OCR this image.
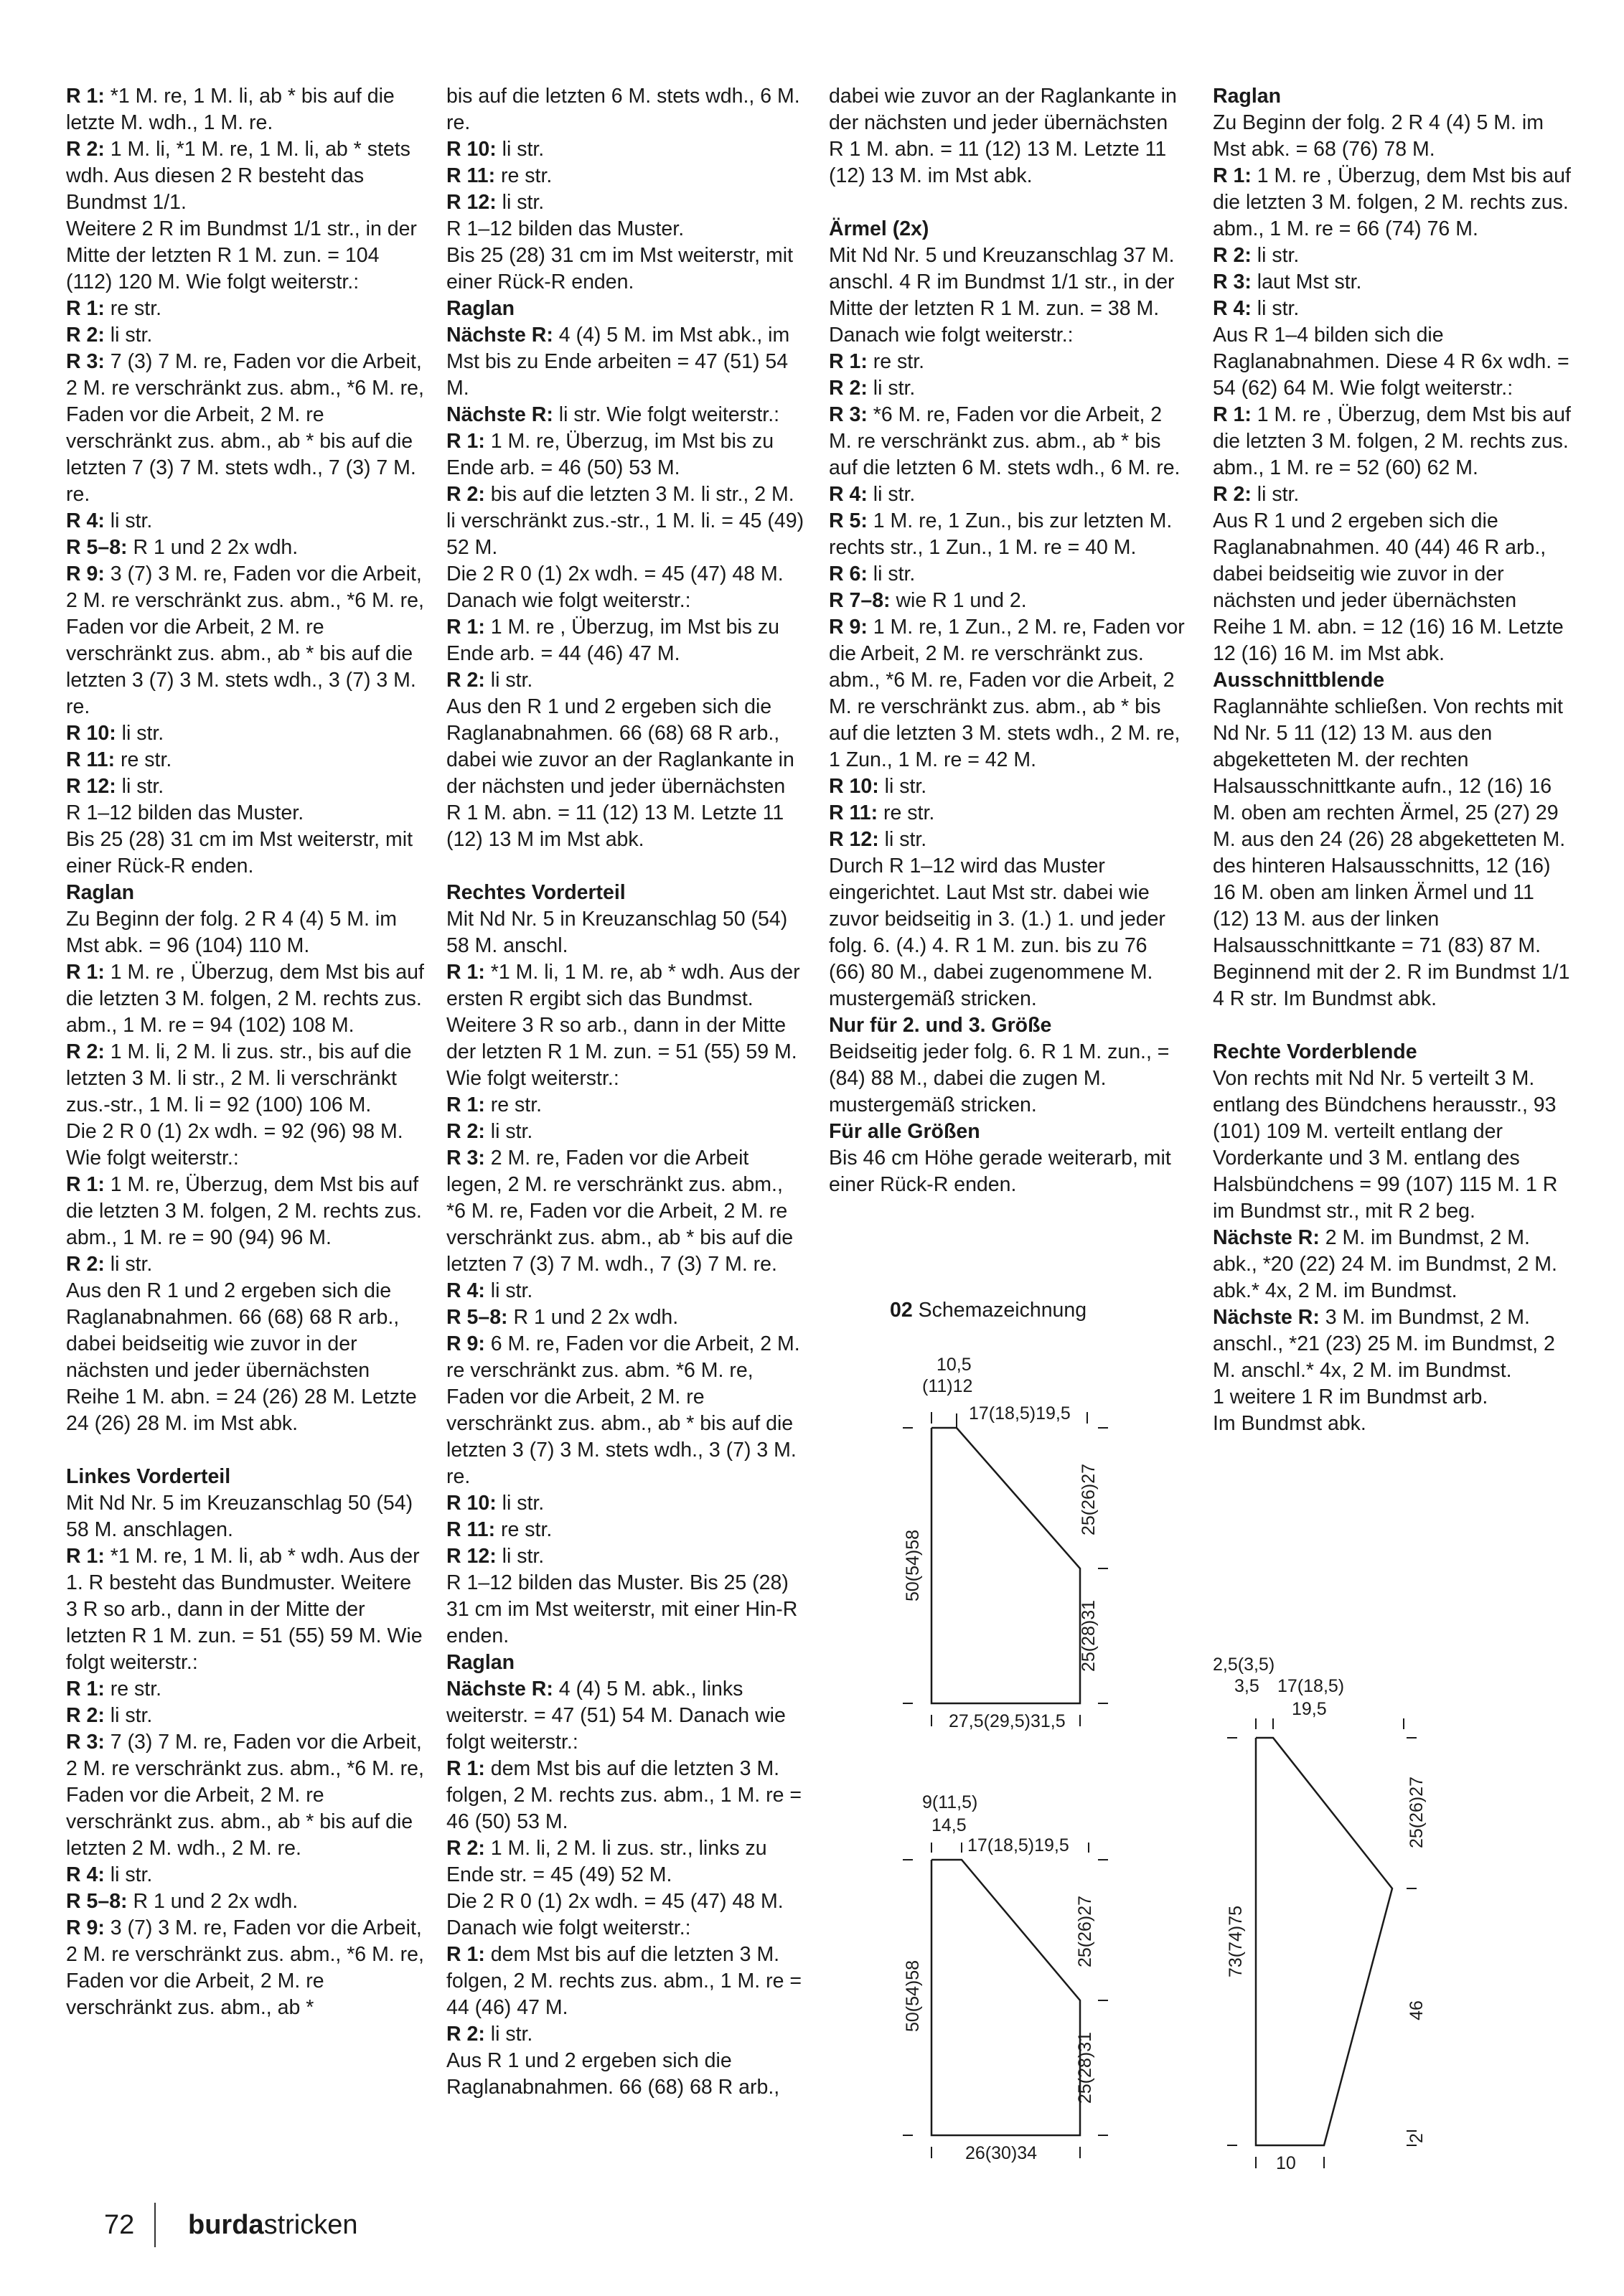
R 1: *1 M. re, 1 M. li, ab * bis auf die letzte M. wdh., 1 M. re.

R 2: 1 M. li, *1 M. re, 1 M. li, ab * stets wdh. Aus diesen 2 R besteht das Bundmst 1/1.

Weitere 2 R im Bundmst 1/1 str., in der Mitte der letzten R 1 M. zun. = 104 (112) 120 M. Wie folgt weiterstr.:

R 1: re str.

R 2: li str.

R 3: 7 (3) 7 M. re, Faden vor die Arbeit, 2 M. re verschränkt zus. abm., *6 M. re, Faden vor die Arbeit, 2 M. re verschränkt zus. abm., ab * bis auf die letzten 7 (3) 7 M. stets wdh., 7 (3) 7 M. re.

R 4: li str.

R 5–8: R 1 und 2 2x wdh.

R 9: 3 (7) 3 M. re, Faden vor die Arbeit, 2 M. re verschränkt zus. abm., *6 M. re, Faden vor die Arbeit, 2 M. re verschränkt zus. abm., ab * bis auf die letzten 3 (7) 3 M. stets wdh., 3 (7) 3 M. re.

R 10: li str.

R 11: re str.

R 12: li str.

R 1–12 bilden das Muster.

Bis 25 (28) 31 cm im Mst weiterstr, mit einer Rück-R enden.

Raglan

Zu Beginn der folg. 2 R 4 (4) 5 M. im Mst abk. = 96 (104) 110 M.

R 1: 1 M. re , Überzug, dem Mst bis auf die letzten 3 M. folgen, 2 M. rechts zus. abm., 1 M. re = 94 (102) 108 M.

R 2: 1 M. li, 2 M. li zus. str., bis auf die letzten 3 M. li str., 2 M. li verschränkt zus.-str., 1 M. li = 92 (100) 106 M.

Die 2 R 0 (1) 2x wdh. = 92 (96) 98 M. Wie folgt weiterstr.:

R 1: 1 M. re, Überzug, dem Mst bis auf die letzten 3 M. folgen, 2 M. rechts zus. abm., 1 M. re = 90 (94) 96 M.

R 2: li str.

Aus den R 1 und 2 ergeben sich die Raglanabnahmen. 66 (68) 68 R arb., dabei beidseitig wie zuvor in der nächsten und jeder übernächsten Reihe 1 M. abn. = 24 (26) 28 M. Letzte 24 (26) 28 M. im Mst abk.

Linkes Vorderteil

Mit Nd Nr. 5 im Kreuzanschlag 50 (54) 58 M. anschlagen.

R 1: *1 M. re, 1 M. li, ab * wdh. Aus der 1. R besteht das Bundmuster. Weitere 3 R so arb., dann in der Mitte der letzten R 1 M. zun. = 51 (55) 59 M. Wie folgt weiterstr.:

R 1: re str.

R 2: li str.

R 3: 7 (3) 7 M. re, Faden vor die Arbeit, 2 M. re verschränkt zus. abm., *6 M. re, Faden vor die Arbeit, 2 M. re verschränkt zus. abm., ab * bis auf die letzten 2 M. wdh., 2 M. re.

R 4: li str.

R 5–8: R 1 und 2 2x wdh.

R 9: 3 (7) 3 M. re, Faden vor die Arbeit, 2 M. re verschränkt zus. abm., *6 M. re, Faden vor die Arbeit, 2 M. re verschränkt zus. abm., ab *

bis auf die letzten 6 M. stets wdh., 6 M. re.

R 10: li str.

R 11: re str.

R 12: li str.

R 1–12 bilden das Muster.

Bis 25 (28) 31 cm im Mst weiterstr, mit einer Rück-R enden.

Raglan

Nächste R: 4 (4) 5 M. im Mst abk., im Mst bis zu Ende arbeiten = 47 (51) 54 M.

Nächste R: li str. Wie folgt weiterstr.:

R 1: 1 M. re, Überzug, im Mst bis zu Ende arb. = 46 (50) 53 M.

R 2: bis auf die letzten 3 M. li str., 2 M. li verschränkt zus.-str., 1 M. li. = 45 (49) 52 M.

Die 2 R 0 (1) 2x wdh. = 45 (47) 48 M. Danach wie folgt weiterstr.:

R 1: 1 M. re , Überzug, im Mst bis zu Ende arb. = 44 (46) 47 M.

R 2: li str.

Aus den R 1 und 2 ergeben sich die Raglanabnahmen. 66 (68) 68 R arb., dabei wie zuvor an der Raglankante in der nächsten und jeder übernächsten R 1 M. abn. = 11 (12) 13 M. Letzte 11 (12) 13 M im Mst abk.

Rechtes Vorderteil

Mit Nd Nr. 5 in Kreuzanschlag 50 (54) 58 M. anschl.

R 1: *1 M. li, 1 M. re, ab * wdh. Aus der ersten R ergibt sich das Bundmst. Weitere 3 R so arb., dann in der Mitte der letzten R 1 M. zun. = 51 (55) 59 M. Wie folgt weiterstr.:

R 1: re str.

R 2: li str.

R 3: 2 M. re, Faden vor die Arbeit legen, 2 M. re verschränkt zus. abm., *6 M. re, Faden vor die Arbeit, 2 M. re verschränkt zus. abm., ab * bis auf die letzten 7 (3) 7 M. wdh., 7 (3) 7 M. re.

R 4: li str.

R 5–8: R 1 und 2 2x wdh.

R 9: 6 M. re, Faden vor die Arbeit, 2 M. re verschränkt zus. abm. *6 M. re, Faden vor die Arbeit, 2 M. re verschränkt zus. abm., ab * bis auf die letzten 3 (7) 3 M. stets wdh., 3 (7) 3 M. re.

R 10: li str.

R 11: re str.

R 12: li str.

R 1–12 bilden das Muster. Bis 25 (28) 31 cm im Mst weiterstr, mit einer Hin-R enden.

Raglan

Nächste R: 4 (4) 5 M. abk., links weiterstr. = 47 (51) 54 M. Danach wie folgt weiterstr.:

R 1: dem Mst bis auf die letzten 3 M. folgen, 2 M. rechts zus. abm., 1 M. re = 46 (50) 53 M.

R 2: 1 M. li, 2 M. li zus. str., links zu Ende str. = 45 (49) 52 M.

Die 2 R 0 (1) 2x wdh. = 45 (47) 48 M. Danach wie folgt weiterstr.:

R 1: dem Mst bis auf die letzten 3 M. folgen, 2 M. rechts zus. abm., 1 M. re = 44 (46) 47 M.

R 2: li str.

Aus R 1 und 2 ergeben sich die Raglanabnahmen. 66 (68) 68 R arb.,

dabei wie zuvor an der Raglankante in der nächsten und jeder übernächsten R 1 M. abn. = 11 (12) 13 M. Letzte 11 (12) 13 M. im Mst abk.

Ärmel (2x)

Mit Nd Nr. 5 und Kreuzanschlag 37 M. anschl. 4 R im Bundmst 1/1 str., in der Mitte der letzten R 1 M. zun. = 38 M. Danach wie folgt weiterstr.:

R 1: re str.

R 2: li str.

R 3: *6 M. re, Faden vor die Arbeit, 2 M. re verschränkt zus. abm., ab * bis auf die letzten 6 M. stets wdh., 6 M. re.

R 4: li str.

R 5: 1 M. re, 1 Zun., bis zur letzten M. rechts str., 1 Zun., 1 M. re = 40 M.

R 6: li str.

R 7–8: wie R 1 und 2.

R 9: 1 M. re, 1 Zun., 2 M. re, Faden vor die Arbeit, 2 M. re verschränkt zus. abm., *6 M. re, Faden vor die Arbeit, 2 M. re verschränkt zus. abm., ab * bis auf die letzten 3 M. stets wdh., 2 M. re, 1 Zun., 1 M. re = 42 M.

R 10: li str.

R 11: re str.

R 12: li str.

Durch R 1–12 wird das Muster eingerichtet. Laut Mst str. dabei wie zuvor beidseitig in 3. (1.) 1. und jeder folg. 6. (4.) 4. R 1 M. zun. bis zu 76 (66) 80 M., dabei zugenommene M. mustergemäß stricken.

Nur für 2. und 3. Größe

Beidseitig jeder folg. 6. R 1 M. zun., = (84) 88 M., dabei die zugen M. mustergemäß stricken.

Für alle Größen

Bis 46 cm Höhe gerade weiterarb, mit einer Rück-R enden.

Raglan

Zu Beginn der folg. 2 R 4 (4) 5 M. im Mst abk. = 68 (76) 78 M.

R 1: 1 M. re , Überzug, dem Mst bis auf die letzten 3 M. folgen, 2 M. rechts zus. abm., 1 M. re = 66 (74) 76 M.

R 2: li str.

R 3: laut Mst str.

R 4: li str.

Aus R 1–4 bilden sich die Raglanabnahmen. Diese 4 R 6x wdh. = 54 (62) 64 M. Wie folgt weiterstr.:

R 1: 1 M. re , Überzug, dem Mst bis auf die letzten 3 M. folgen, 2 M. rechts zus. abm., 1 M. re = 52 (60) 62 M.

R 2: li str.

Aus R 1 und 2 ergeben sich die Raglanabnahmen. 40 (44) 46 R arb., dabei beidseitig wie zuvor in der nächsten und jeder übernächsten Reihe 1 M. abn. = 12 (16) 16 M. Letzte 12 (16) 16 M. im Mst abk.

Ausschnittblende

Raglannähte schließen. Von rechts mit Nd Nr. 5 11 (12) 13 M. aus den abgeketteten M. der rechten Halsausschnittkante aufn., 12 (16) 16 M. oben am rechten Ärmel, 25 (27) 29 M. aus den 24 (26) 28 abgeketteten M. des hinteren Halsausschnitts, 12 (16) 16 M. oben am linken Ärmel und 11 (12) 13 M. aus der linken Halsausschnittkante = 71 (83) 87 M. Beginnend mit der 2. R im Bundmst 1/1 4 R str. Im Bundmst abk.

Rechte Vorderblende

Von rechts mit Nd Nr. 5 verteilt 3 M. entlang des Bündchens herausstr., 93 (101) 109 M. verteilt entlang der Vorderkante und 3 M. entlang des Halsbündchens = 99 (107) 115 M. 1 R im Bundmst str., mit R 2 beg.

Nächste R: 2 M. im Bundmst, 2 M. abk., *20 (22) 24 M. im Bundmst, 2 M. abk.* 4x, 2 M. im Bundmst.

Nächste R: 3 M. im Bundmst, 2 M. anschl., *21 (23) 25 M. im Bundmst, 2 M. anschl.* 4x, 2 M. im Bundmst.

1 weitere 1 R im Bundmst arb.

Im Bundmst abk.

02 Schemazeichnung
10,5
(11)12
17(18,5)19,5
25(26)27
25(28)31
50(54)58
27,5(29,5)31,5
9(11,5)
14,5
17(18,5)19,5
25(26)27
25(28)31
50(54)58
26(30)34
2,5(3,5)
3,5 17(18,5)
19,5
25(26)27
46
2
73(74)75
10
72 burdastricken
